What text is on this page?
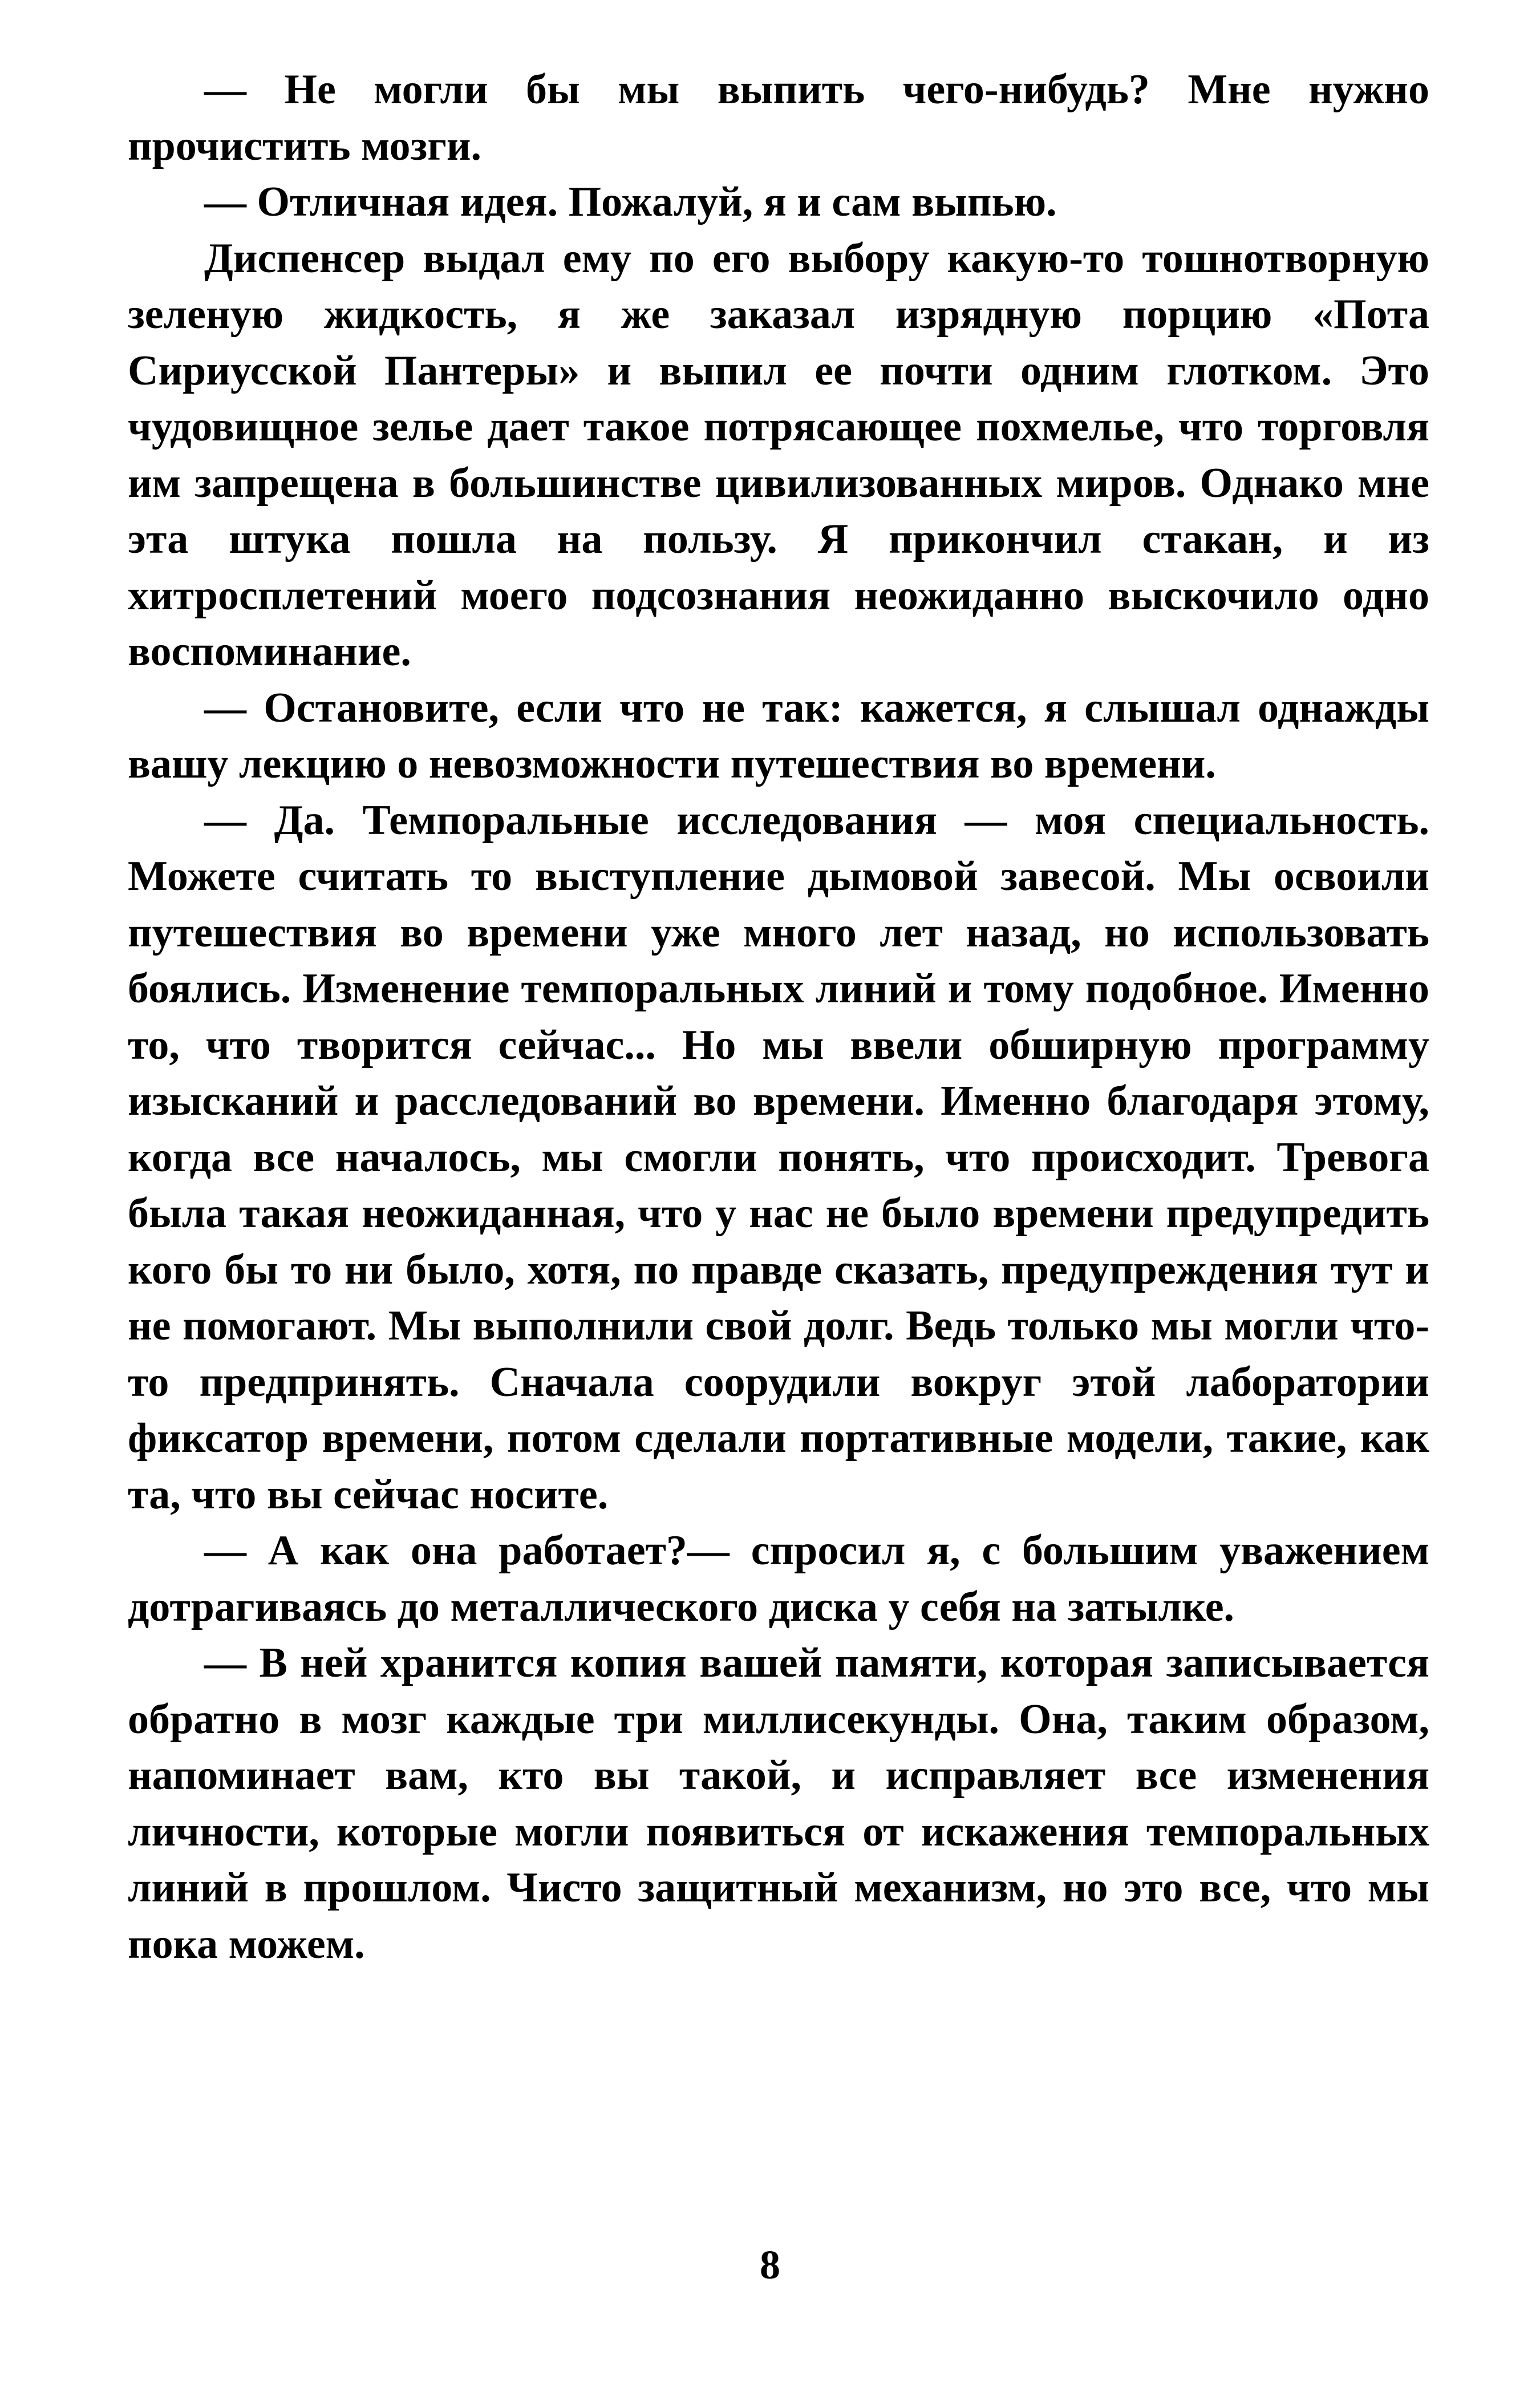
— Не могли бы мы выпить чего-нибудь? Мне нужно прочистить мозги.

— Отличная идея. Пожалуй, я и сам выпью.

Диспенсер выдал ему по его выбору какую-то тошнотворную зеленую жидкость, я же заказал изрядную порцию «Пота Сириусской Пантеры» и выпил ее почти одним глотком. Это чудовищное зелье дает такое потрясающее похмелье, что торговля им запрещена в большинстве цивилизованных миров. Однако мне эта штука пошла на пользу. Я прикончил стакан, и из хитросплетений моего подсознания неожиданно выскочило одно воспоминание.

— Остановите, если что не так: кажется, я слышал однажды вашу лекцию о невозможности путешествия во времени.

— Да. Темпоральные исследования — моя специальность. Можете считать то выступление дымовой завесой. Мы освоили путешествия во времени уже много лет назад, но использовать боялись. Изменение темпоральных линий и тому подобное. Именно то, что творится сейчас... Но мы ввели обширную программу изысканий и расследований во времени. Именно благодаря этому, когда все началось, мы смогли понять, что происходит. Тревога была такая неожиданная, что у нас не было времени предупредить кого бы то ни было, хотя, по правде сказать, предупреждения тут и не помогают. Мы выполнили свой долг. Ведь только мы могли что-то предпринять. Сначала соорудили вокруг этой лаборатории фиксатор времени, потом сделали портативные модели, такие, как та, что вы сейчас носите.

— А как она работает?— спросил я, с большим уважением дотрагиваясь до металлического диска у себя на затылке.

— В ней хранится копия вашей памяти, которая записывается обратно в мозг каждые три миллисекунды. Она, таким образом, напоминает вам, кто вы такой, и исправляет все изменения личности, которые могли появиться от искажения темпоральных линий в прошлом. Чисто защитный механизм, но это все, что мы пока можем.

8
